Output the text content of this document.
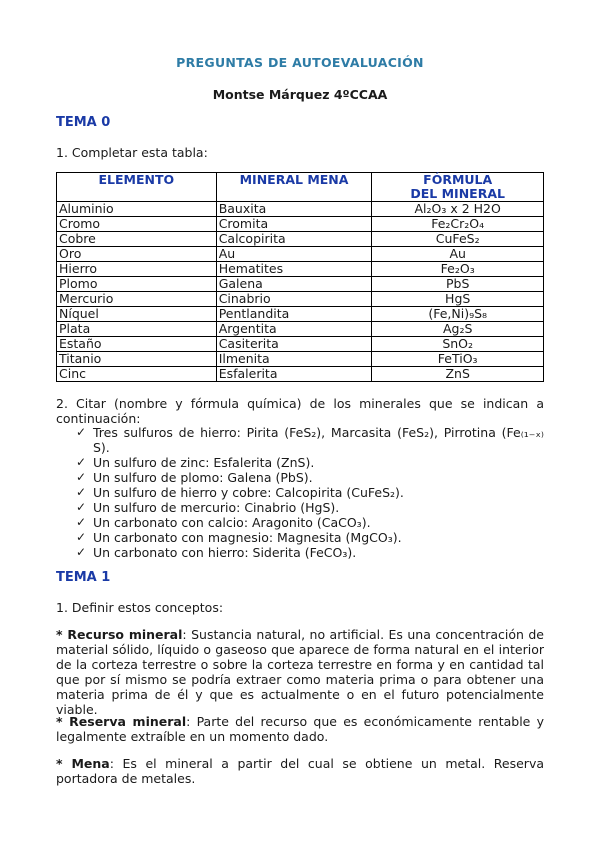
PREGUNTAS DE AUTOEVALUACIÓN
Montse Márquez 4ºCCAA
TEMA 0
1. Completar esta tabla:
ELEMENTO	MINERAL MENA	FÓRMULA
DEL MINERAL

Aluminio	Bauxita	Al₂O₃ x 2 H2O
Cromo	Cromita	Fe₂Cr₂O₄
Cobre	Calcopirita	CuFeS₂
Oro	Au	Au
Hierro	Hematites	Fe₂O₃
Plomo	Galena	PbS
Mercurio	Cinabrio	HgS
Níquel	Pentlandita	(Fe,Ni)₉S₈
Plata	Argentita	Ag₂S
Estaño	Casiterita	SnO₂
Titanio	Ilmenita	FeTiO₃
Cinc	Esfalerita	ZnS
2. Citar (nombre y fórmula química) de los minerales que se indican a continuación:
✓ Tres sulfuros de hierro: Pirita (FeS₂), Marcasita (FeS₂), Pirrotina (Fe₍₁₋ₓ₎S).
✓ Un sulfuro de zinc: Esfalerita (ZnS).
✓ Un sulfuro de plomo: Galena (PbS).
✓ Un sulfuro de hierro y cobre: Calcopirita (CuFeS₂).
✓ Un sulfuro de mercurio: Cinabrio (HgS).
✓ Un carbonato con calcio: Aragonito (CaCO₃).
✓ Un carbonato con magnesio: Magnesita (MgCO₃).
✓ Un carbonato con hierro: Siderita (FeCO₃).
TEMA 1
1. Definir estos conceptos:
* Recurso mineral: Sustancia natural, no artificial. Es una concentración de material sólido, líquido o gaseoso que aparece de forma natural en el interior de la corteza terrestre o sobre la corteza terrestre en forma y en cantidad tal que por sí mismo se podría extraer como materia prima o para obtener una materia prima de él y que es actualmente o en el futuro potencialmente viable.
* Reserva mineral: Parte del recurso que es económicamente rentable y legalmente extraíble en un momento dado.
* Mena: Es el mineral a partir del cual se obtiene un metal. Reserva portadora de metales.
